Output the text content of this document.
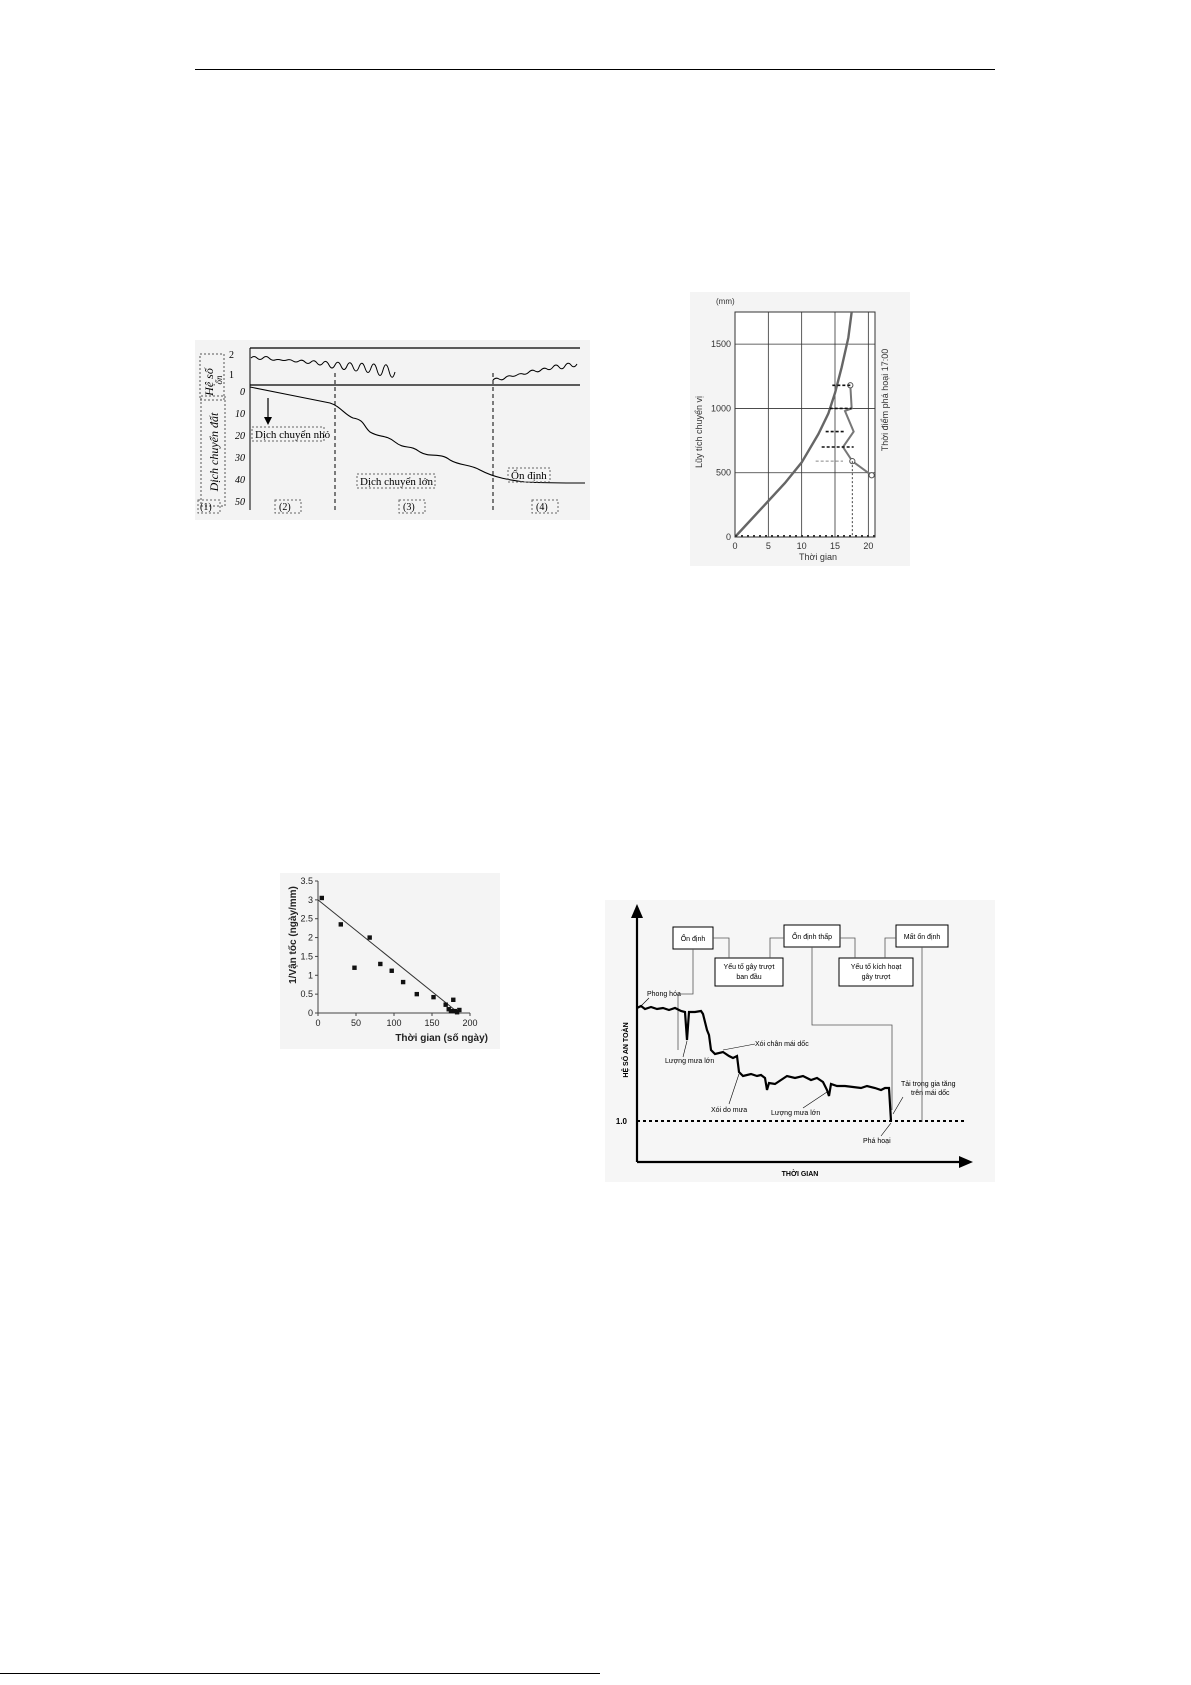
Hệ số
ổn
2
1
Dịch chuyển đất
0
10
20
30
40
50
Dịch chuyển nhỏ
Dịch chuyển lớn	Ổn định
(1)	(2)	(3)	(4)
(mm)
Lũy tích chuyển vị
Thời gian
Thời điểm phá hoại 17:00
0	5	10	15	20
0
500
1000
1500
1/Vận tốc (ngày/mm)
Thời gian (số ngày)
0
0.5
1
1.5
2
2.5
3
3.5
0	50	100	150	200	HỆ SỐ AN TOÀN
THỜI GIAN
1.0
Ổn định	Ổn định thấp	Mất ổn định
Yếu tố gây trượt
ban đầu
Yếu tố kích hoạt
gây trượt
Phong hóa
Lượng mưa lớn
Xói chân mái dốc
Xói do mưa	Lượng mưa lớn
Tải trọng gia tăng
trên mái dốc
Phá hoại
